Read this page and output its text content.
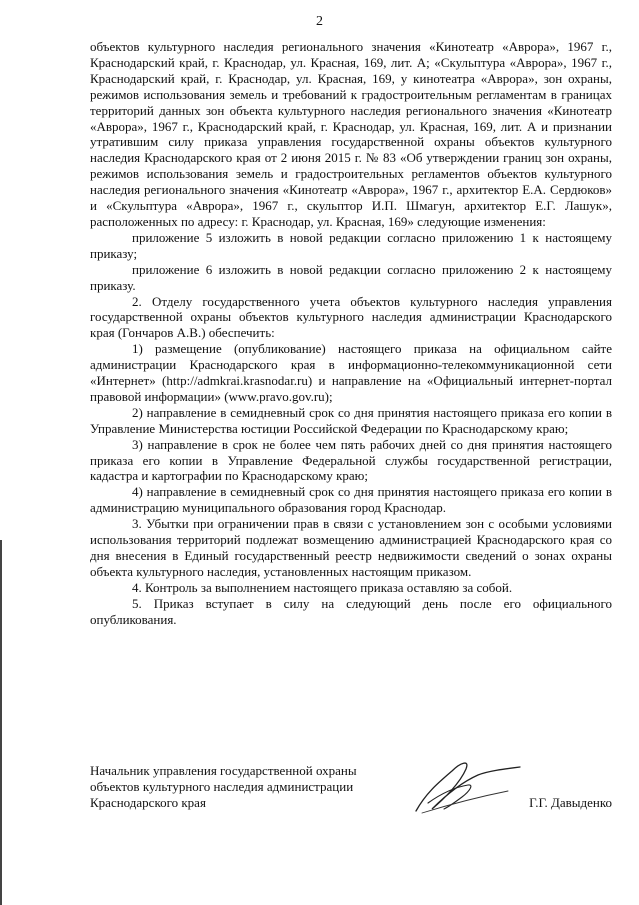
2

объектов культурного наследия регионального значения «Кинотеатр «Аврора», 1967 г., Краснодарский край, г. Краснодар, ул. Красная, 169, лит. А; «Скульптура «Аврора», 1967 г., Краснодарский край, г. Краснодар, ул. Красная, 169, у кинотеатра «Аврора», зон охраны, режимов использования земель и требований к градостроительным регламентам в границах территорий данных зон объекта культурного наследия регионального значения «Кинотеатр «Аврора», 1967 г., Краснодарский край, г. Краснодар, ул. Красная, 169, лит. А и признании утратившим силу приказа управления государственной охраны объектов культурного наследия Краснодарского края от 2 июня 2015 г. № 83 «Об утверждении границ зон охраны, режимов использования земель и градостроительных регламентов объектов культурного наследия регионального значения «Кинотеатр «Аврора», 1967 г., архитектор Е.А. Сердюков» и «Скульптура «Аврора», 1967 г., скульптор И.П. Шмагун, архитектор Е.Г. Лашук», расположенных по адресу: г. Краснодар, ул. Красная, 169» следующие изменения:

приложение 5 изложить в новой редакции согласно приложению 1 к настоящему приказу;

приложение 6 изложить в новой редакции согласно приложению 2 к настоящему приказу.

2. Отделу государственного учета объектов культурного наследия управления государственной охраны объектов культурного наследия администрации Краснодарского края (Гончаров А.В.) обеспечить:

1) размещение (опубликование) настоящего приказа на официальном сайте администрации Краснодарского края в информационно-телекоммуникационной сети «Интернет» (http://admkrai.krasnodar.ru) и направление на «Официальный интернет-портал правовой информации» (www.pravo.gov.ru);

2) направление в семидневный срок со дня принятия настоящего приказа его копии в Управление Министерства юстиции Российской Федерации по Краснодарскому краю;

3) направление в срок не более чем пять рабочих дней со дня принятия настоящего приказа его копии в Управление Федеральной службы государственной регистрации, кадастра и картографии по Краснодарскому краю;

4) направление в семидневный срок со дня принятия настоящего приказа его копии в администрацию муниципального образования город Краснодар.

3. Убытки при ограничении прав в связи с установлением зон с особыми условиями использования территорий подлежат возмещению администрацией Краснодарского края со дня внесения в Единый государственный реестр недвижимости сведений о зонах охраны объекта культурного наследия, установленных настоящим приказом.

4. Контроль за выполнением настоящего приказа оставляю за собой.

5. Приказ вступает в силу на следующий день после его официального опубликования.

Начальник управления государственной охраны объектов культурного наследия администрации Краснодарского края	Г.Г. Давыденко
